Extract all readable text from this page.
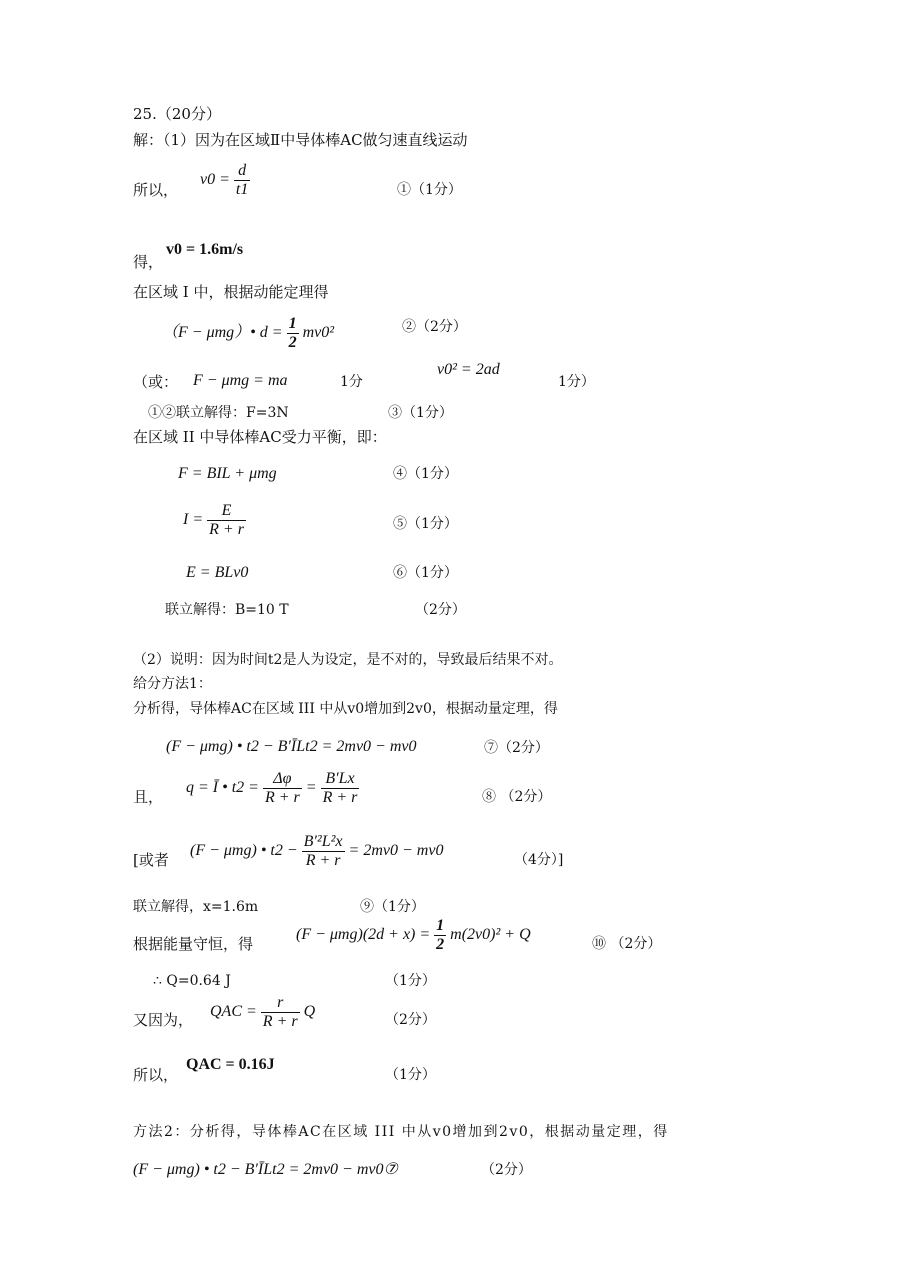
25.（20分）
解：（1）因为在区域Ⅱ中导体棒AC做匀速直线运动
所以，
$v0 = \frac{d}{t1}$	①（1分）
得，
v0 = 1.6m/s
在区域 I 中，根据动能定理得
（F − μmg）• $d = \frac{1}{2} mv0^2$	②（2分）
（或： F − μmg = ma	1分
v0² = 2ad
1分）
①②联立解得：F=3N	③（1分）
在区域 II 中导体棒AC受力平衡，即：
F = BIL + μmg	④（1分）
$I = \frac{E}{R + r}$	⑤（1分）
E = BLv0	⑥（1分）
联立解得：B=10 T	（2分）
（2）说明：因为时间t2是人为设定，是不对的，导致最后结果不对。
给分方法1：
分析得，导体棒AC在区域 III 中从v0增加到2v0，根据动量定理，得
(F − μmg) • t2 − B′ĪLt2 = 2mv0 − mv0	⑦（2分）
且，
q = Ī • $t2 = \frac{\Delta\varphi}{R + r} = \frac{B'Lx}{R + r}$	⑧ （2分）
[或者
(F − μmg) • $t2 - \frac{\text{B′²L²x}}{R + r} = 2mv0 - mv0$
（4分）]
联立解得，x=1.6m	⑨（1分）
根据能量守恒，得
$(F - \mu mg)(2d + x) = \frac{1}{2} m(2v0)^2 + Q$
⑩ （2分）
∴ Q=0.64 J	（1分）
又因为， QAC = $\frac{r}{R + r}$ Q	（2分）
所以，
QAC = 0.16J
（1分）
方法2：分析得，导体棒AC在区域 III 中从v0增加到2v0，根据动量定理，得
(F − μmg) • t2 − B′ĪLt2 = 2mv0 − mv0⑦	（2分）
